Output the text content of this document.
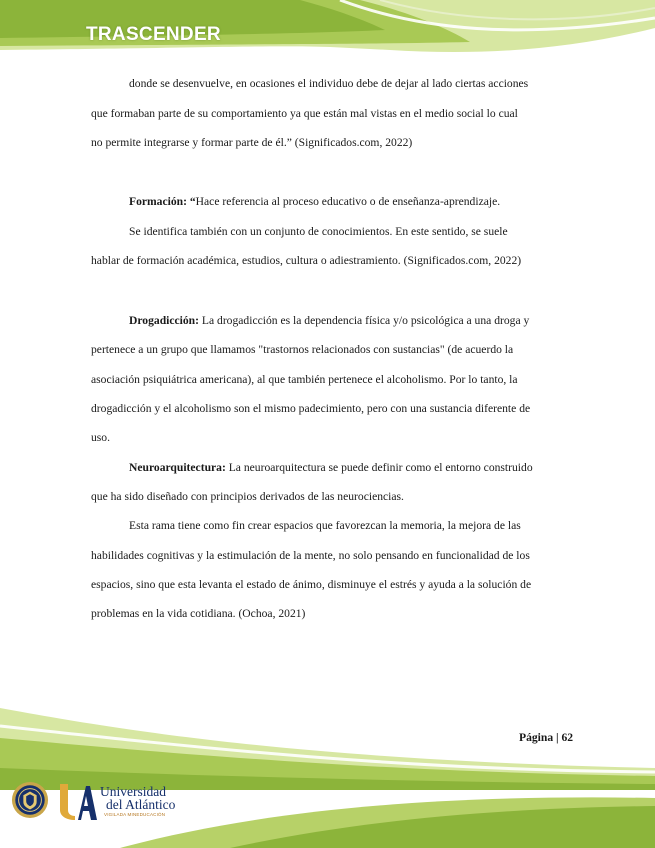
TRASCENDER
donde se desenvuelve, en ocasiones el individuo debe de dejar al lado ciertas acciones
que formaban parte de su comportamiento ya que están mal vistas en el medio social lo cual
no permite integrarse y formar parte de él.” (Significados.com, 2022)
Formación: “Hace referencia al proceso educativo o de enseñanza-aprendizaje.
Se identifica también con un conjunto de conocimientos. En este sentido, se suele
hablar de formación académica, estudios, cultura o adiestramiento. (Significados.com, 2022)
Drogadicción: La drogadicción es la dependencia física y/o psicológica a una droga y
pertenece a un grupo que llamamos "trastornos relacionados con sustancias" (de acuerdo la
asociación psiquiátrica americana), al que también pertenece el alcoholismo. Por lo tanto, la
drogadicción y el alcoholismo son el mismo padecimiento, pero con una sustancia diferente de
uso.
Neuroarquitectura: La neuroarquitectura se puede definir como el entorno construido
que ha sido diseñado con principios derivados de las neurociencias.
Esta rama tiene como fin crear espacios que favorezcan la memoria, la mejora de las
habilidades cognitivas y la estimulación de la mente, no solo pensando en funcionalidad de los
espacios, sino que esta levanta el estado de ánimo, disminuye el estrés y ayuda a la solución de
problemas en la vida cotidiana. (Ochoa, 2021)
Página | 62
Universidad
del Atlántico
VIGILADA MINEDUCACIÓN
